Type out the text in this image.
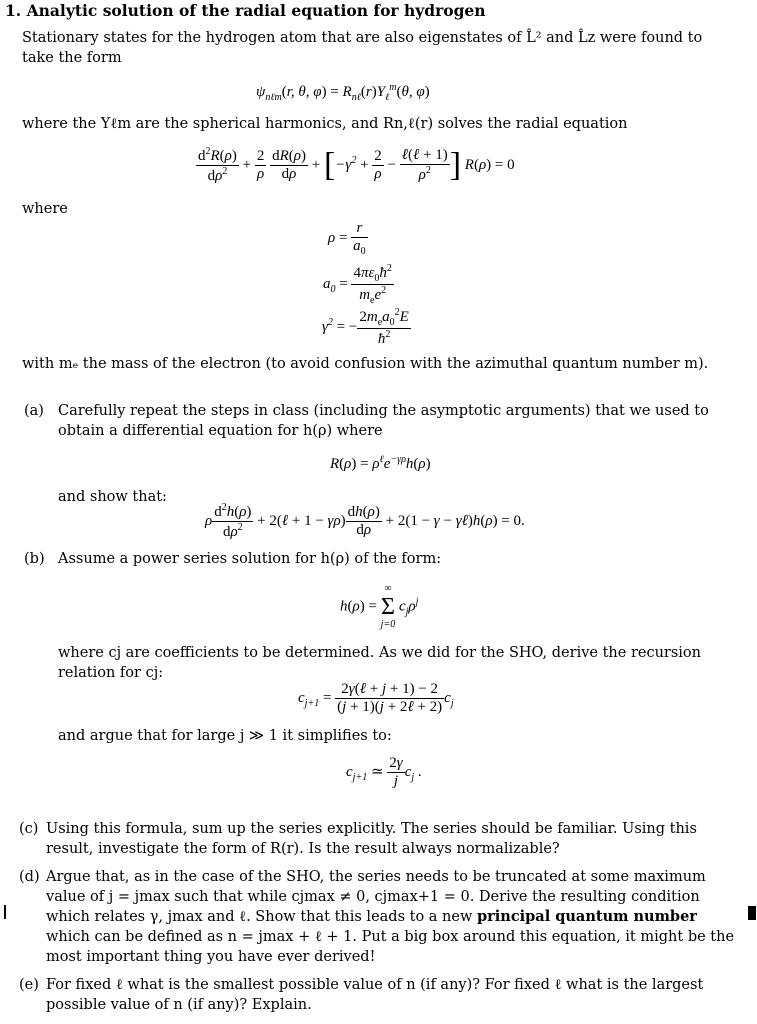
1. Analytic solution of the radial equation for hydrogen
Stationary states for the hydrogen atom that are also eigenstates of L̂² and L̂z were found to take the form
$\psi_{n\ell m}(r$, θ, $\varphi) = R_{n\ell}(r)Y_\ell^m(\theta$, φ)
where the Yℓm are the spherical harmonics, and Rn,ℓ(r) solves the radial equation
$\frac{d^2R(\rho)}{d\rho^2} + \frac{2}{\rho}$
$\frac{dR(\rho)}{d\rho} + [-\gamma^2 + \frac{2}{\rho} - \frac{\text{ℓ(ℓ + 1)}}{\rho^2}$ ] R(ρ) = 0
where
$\rho = \frac{r}{a_0}$
$a_0 = \frac{4\pi\varepsilon_0ħ^2}{m_ee^2}$
$\gamma^2$ = − $\frac{2m_ea_0^2E}{ħ^2}$
with mₑ the mass of the electron (to avoid confusion with the azimuthal quantum number m).
(a) Carefully repeat the steps in class (including the asymptotic arguments) that we used to obtain a differential equation for h(ρ) where
$R(\rho) = \rho^\ell e^{-\gamma\rho}h(\rho)$
and show that:
ρ $\frac{d^2h(\rho)}{d\rho^2}$ + 2(ℓ + $1 - \gamma\rho) \frac{dh(\rho)}{d\rho} + 2(1 - \gamma$ − γℓ)h(ρ) = 0.
(b) Assume a power series solution for h(ρ) of the form:
h(ρ) =
∞
Σ
j=0
$c_j\rho^j$
where cj are coefficients to be determined. As we did for the SHO, derive the recursion relation for cj:
$c_{j+1} = \frac{\text{2γ(ℓ + j + 1) − 2}}{\text{(j + 1)(j + 2ℓ + 2)}} c_j$
and argue that for large j ≫ 1 it simplifies to:
$c_{j+1}$ ≃ $\frac{2\gamma}{j} c_j$ .
(c) Using this formula, sum up the series explicitly. The series should be familiar. Using this result, investigate the form of R(r). Is the result always normalizable?
(d) Argue that, as in the case of the SHO, the series needs to be truncated at some maximum value of j = jmax such that while cjmax ≠ 0, cjmax+1 = 0. Derive the resulting condition which relates γ, jmax and ℓ. Show that this leads to a new principal quantum number which can be defined as n = jmax + ℓ + 1. Put a big box around this equation, it might be the most important thing you have ever derived!
(e) For fixed ℓ what is the smallest possible value of n (if any)? For fixed ℓ what is the largest possible value of n (if any)? Explain.
